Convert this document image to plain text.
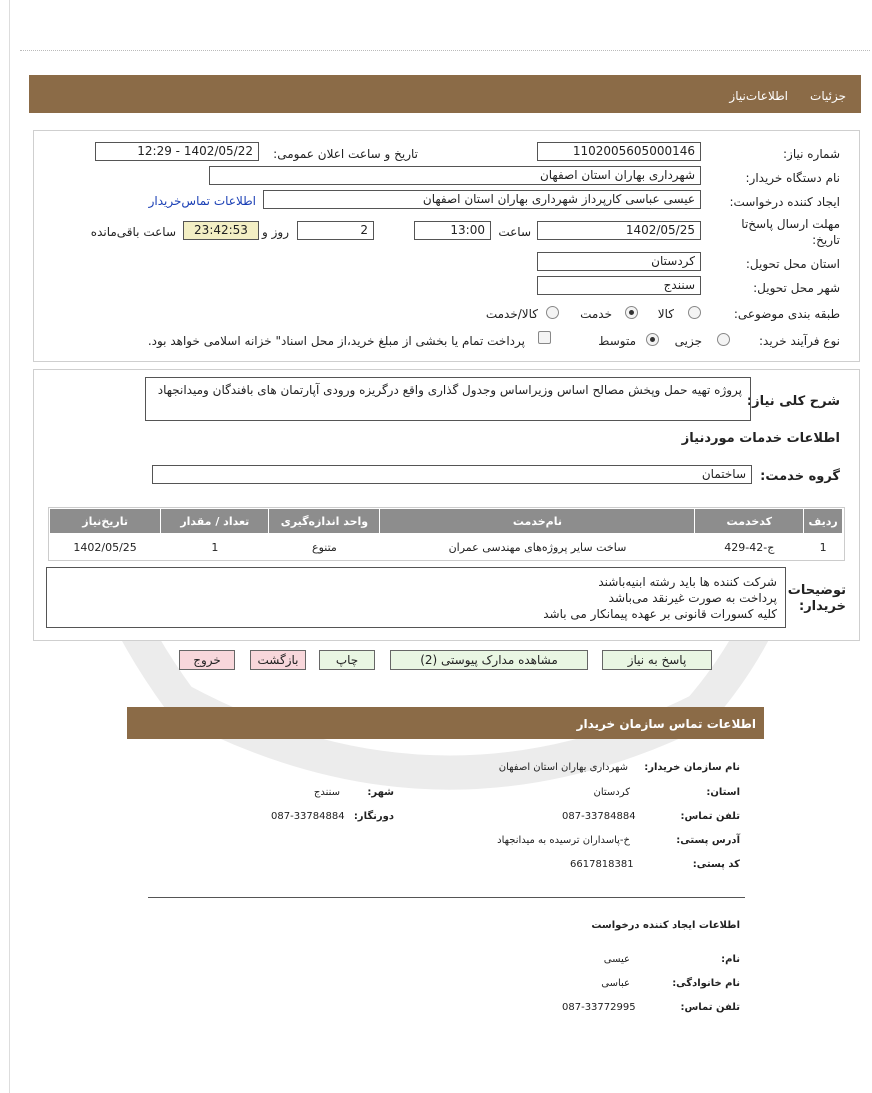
جزئیات
اطلاعات‌نیاز
شماره نیاز:
1102005605000146
تاریخ و ساعت اعلان عمومی:
1402/05/22 - 12:29
نام دستگاه خریدار:
شهرداری بهاران استان اصفهان
ایجاد کننده درخواست:
عیسی عباسی کارپرداز شهرداری بهاران استان اصفهان
اطلاعات تماس‌خریدار
مهلت ارسال پاسخ‌تا
تاریخ:
1402/05/25
ساعت
13:00
2
روز و
23:42:53
ساعت باقی‌مانده
استان محل تحویل:
کردستان
شهر محل تحویل:
سنندج
طبقه بندی موضوعی:
کالا
خدمت
کالا/خدمت
نوع فرآیند خرید:
جزیی
متوسط
پرداخت تمام یا بخشی از مبلغ خرید،از محل اسناد" خزانه اسلامی خواهد بود.
شرح کلی نیاز:
پروژه تهیه حمل وپخش مصالح اساس وزیراساس وجدول گذاری واقع درگریزه ورودی آپارتمان های بافندگان ومیدانجهاد
اطلاعات خدمات موردنیاز
گروه خدمت:
ساختمان
تاریخ‌نیاز	تعداد / مقدار	واحد اندازه‌گیری	نام‌خدمت	کدخدمت	ردیف
1402/05/25	1	متنوع	ساخت سایر پروژه‌های مهندسی عمران	ج-42-429	1
توضیحات
خریدار:
شرکت کننده ها باید رشته ابنیه‌باشند
پرداخت به صورت غیرنقد می‌باشد
کلیه کسورات قانونی بر عهده پیمانکار می باشد
پاسخ به نیاز
مشاهده مدارک پیوستی (2)
چاپ
بازگشت
خروج
اطلاعات تماس سازمان خریدار
نام سازمان خریدار:
شهرداری بهاران استان اصفهان
استان:
کردستان
شهر:
سنندج
تلفن تماس:
087-33784884
دورنگار:
087-33784884
آدرس پستی:
خ-پاسداران ترسیده به میدانجهاد
کد پستی:
6617818381
اطلاعات ایجاد کننده درخواست
نام:
عیسی
نام خانوادگی:
عباسی
تلفن تماس:
087-33772995
